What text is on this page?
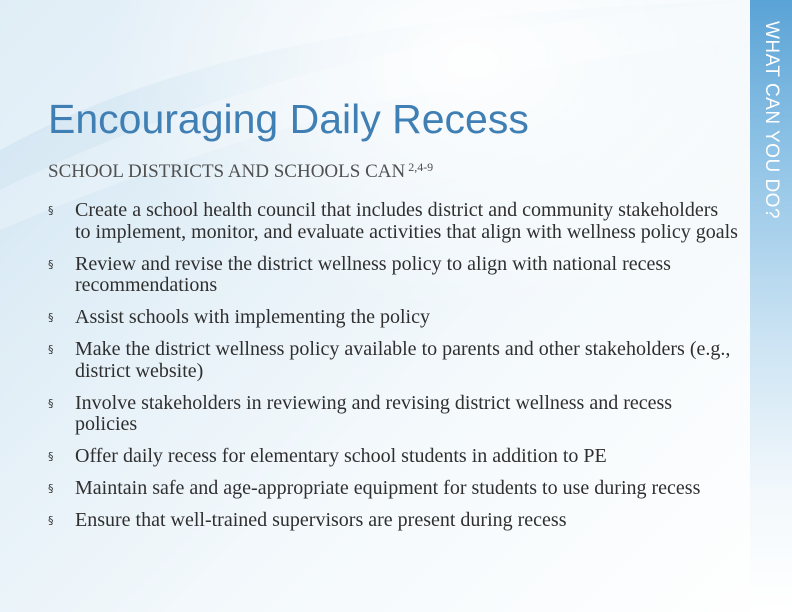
WHAT CAN YOU DO?
Encouraging Daily Recess
SCHOOL DISTRICTS AND SCHOOLS CAN $^{2,4-9}$
§ Create a school health council that includes district and community stakeholders to implement, monitor, and evaluate activities that align with wellness policy goals
§ Review and revise the district wellness policy to align with national recess recommendations
§ Assist schools with implementing the policy
§ Make the district wellness policy available to parents and other stakeholders (e.g., district website)
§ Involve stakeholders in reviewing and revising district wellness and recess policies
§ Offer daily recess for elementary school students in addition to PE
§ Maintain safe and age-appropriate equipment for students to use during recess
§ Ensure that well-trained supervisors are present during recess
